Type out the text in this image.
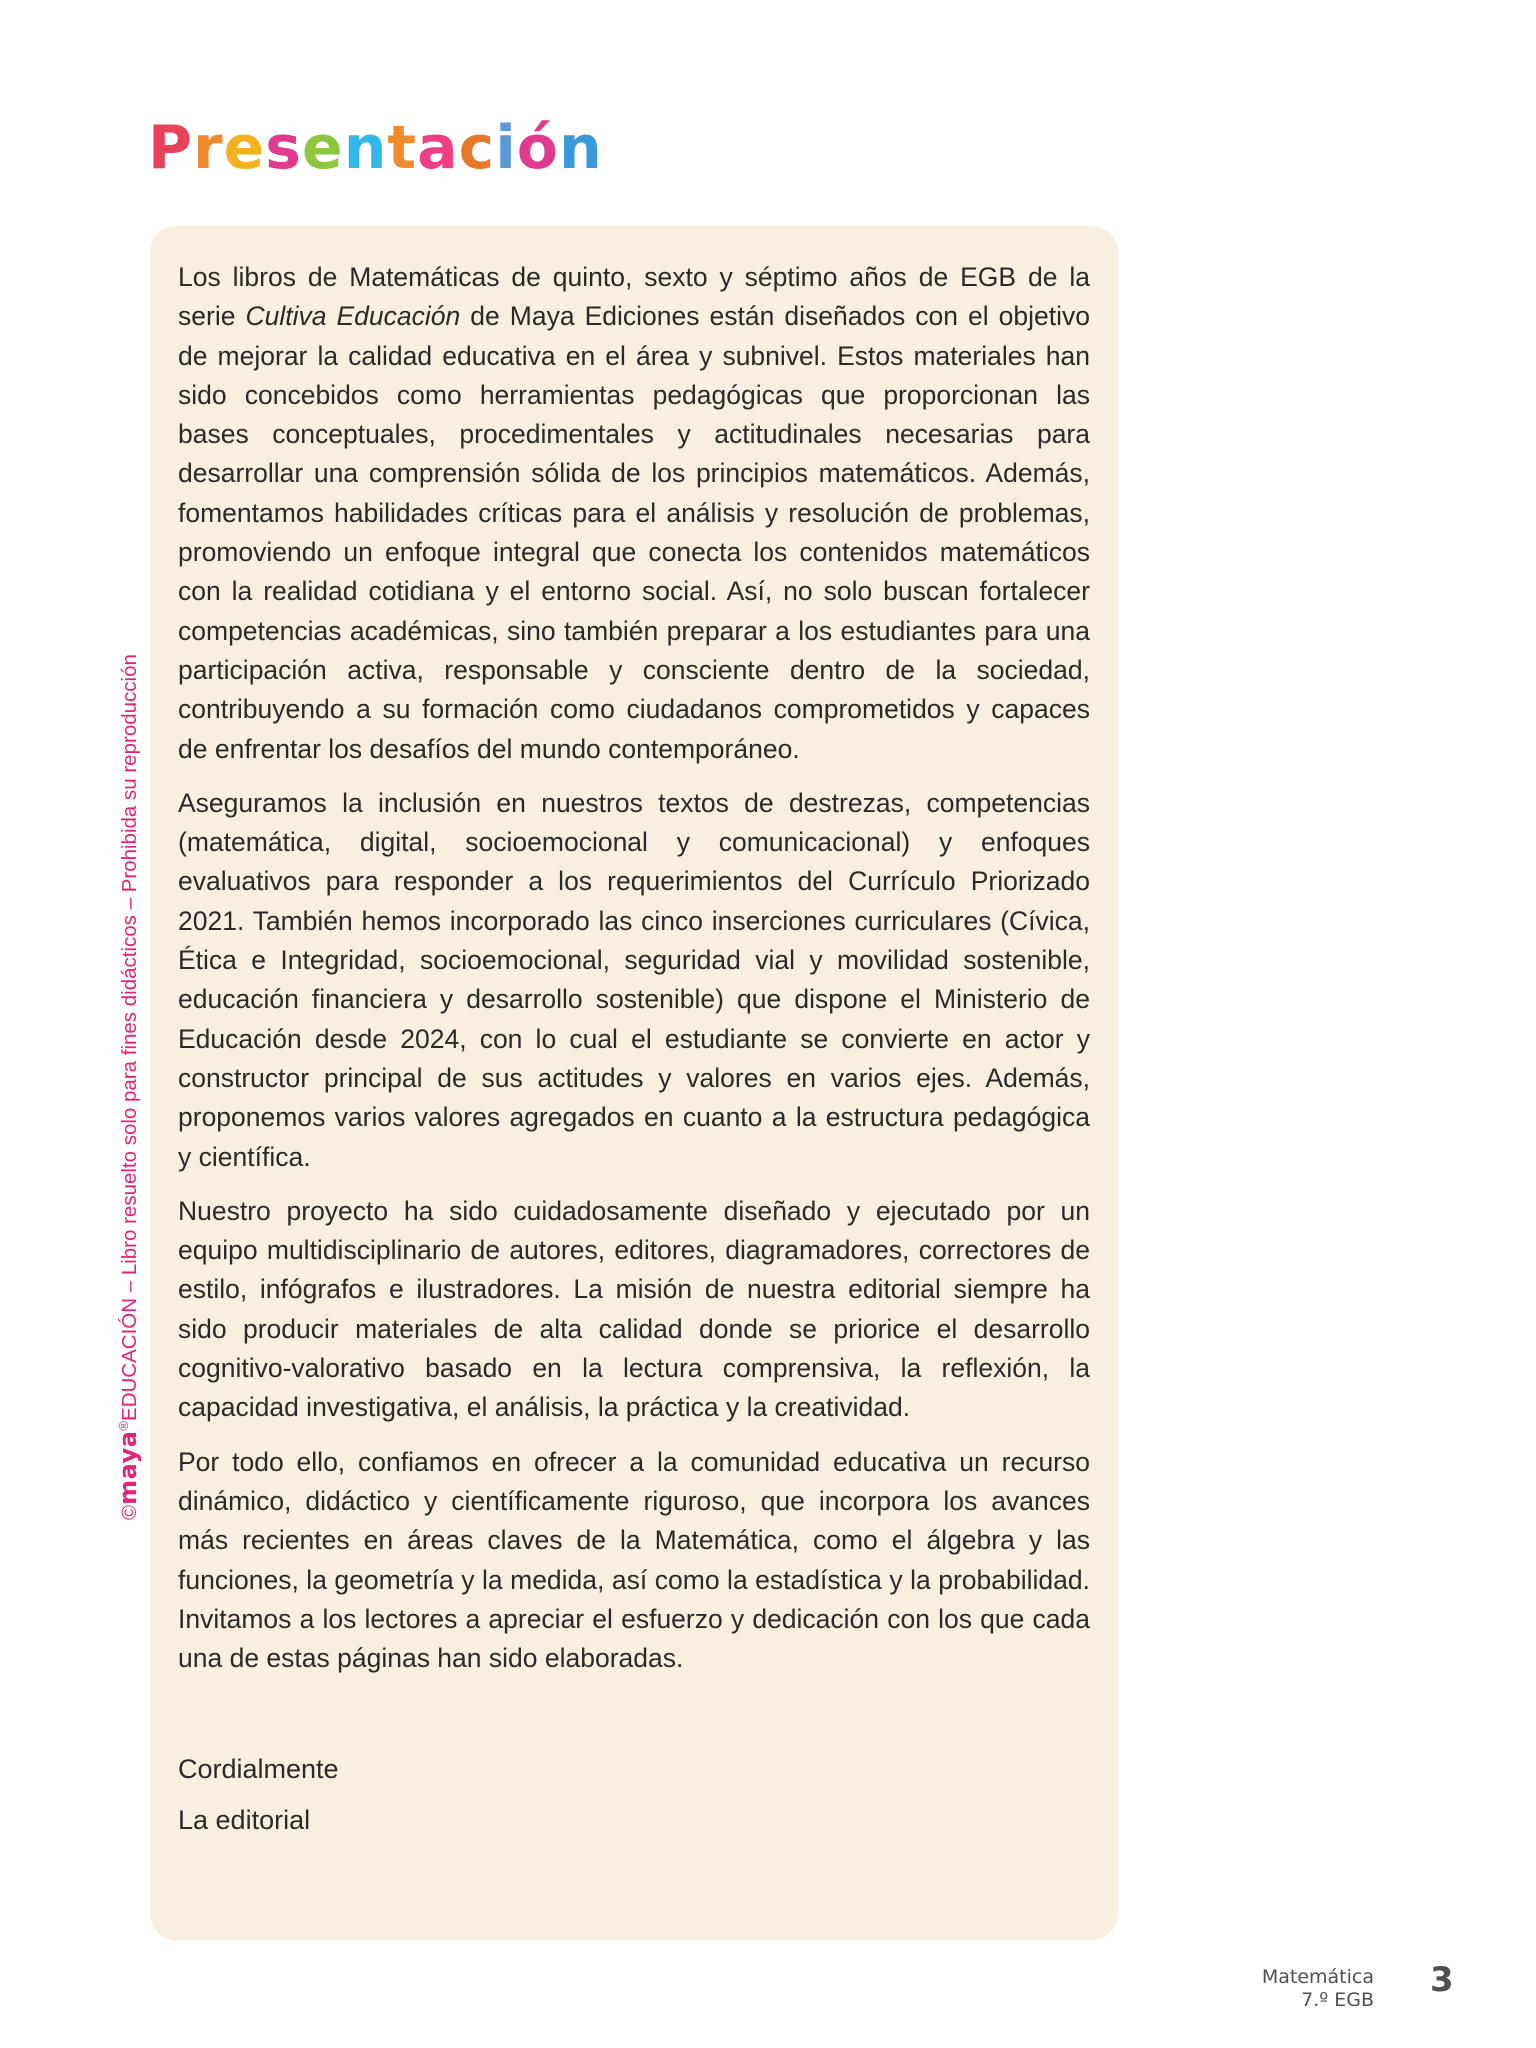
Presentación
©maya®EDUCACIÓN – Libro resuelto solo para fines didácticos – Prohibida su reproducción

Los libros de Matemáticas de quinto, sexto y séptimo años de EGB de la serie Cultiva Educación de Maya Ediciones están diseñados con el objetivo de mejorar la calidad educativa en el área y subnivel. Estos materiales han sido concebidos como herramientas pedagógicas que proporcionan las bases conceptuales, procedimentales y actitudinales necesarias para desarrollar una comprensión sólida de los principios matemáticos. Además, fomentamos habilidades críticas para el análisis y resolución de problemas, promoviendo un enfoque integral que conecta los contenidos matemáticos con la realidad cotidiana y el entorno social. Así, no solo buscan fortalecer competencias académicas, sino también preparar a los estudiantes para una participación activa, responsable y consciente dentro de la sociedad, contribuyendo a su formación como ciudadanos comprometidos y capaces de enfrentar los desafíos del mundo contemporáneo.

Aseguramos la inclusión en nuestros textos de destrezas, competencias (matemática, digital, socioemocional y comunicacional) y enfoques evaluativos para responder a los requerimientos del Currículo Priorizado 2021. También hemos incorporado las cinco inserciones curriculares (Cívica, Ética e Integridad, socioemocional, seguridad vial y movilidad sostenible, educación financiera y desarrollo sostenible) que dispone el Ministerio de Educación desde 2024, con lo cual el estudiante se convierte en actor y constructor principal de sus actitudes y valores en varios ejes. Además, proponemos varios valores agregados en cuanto a la estructura pedagógica y científica.

Nuestro proyecto ha sido cuidadosamente diseñado y ejecutado por un equipo multidisciplinario de autores, editores, diagramadores, correctores de estilo, infógrafos e ilustradores. La misión de nuestra editorial siempre ha sido producir materiales de alta calidad donde se priorice el desarrollo cognitivo-valorativo basado en la lectura comprensiva, la reflexión, la capacidad investigativa, el análisis, la práctica y la creatividad.

Por todo ello, confiamos en ofrecer a la comunidad educativa un recurso dinámico, didáctico y científicamente riguroso, que incorpora los avances más recientes en áreas claves de la Matemática, como el álgebra y las funciones, la geometría y la medida, así como la estadística y la probabilidad. Invitamos a los lectores a apreciar el esfuerzo y dedicación con los que cada una de estas páginas han sido elaboradas.

Cordialmente
La editorial
Matemática
7.º EGB 3
